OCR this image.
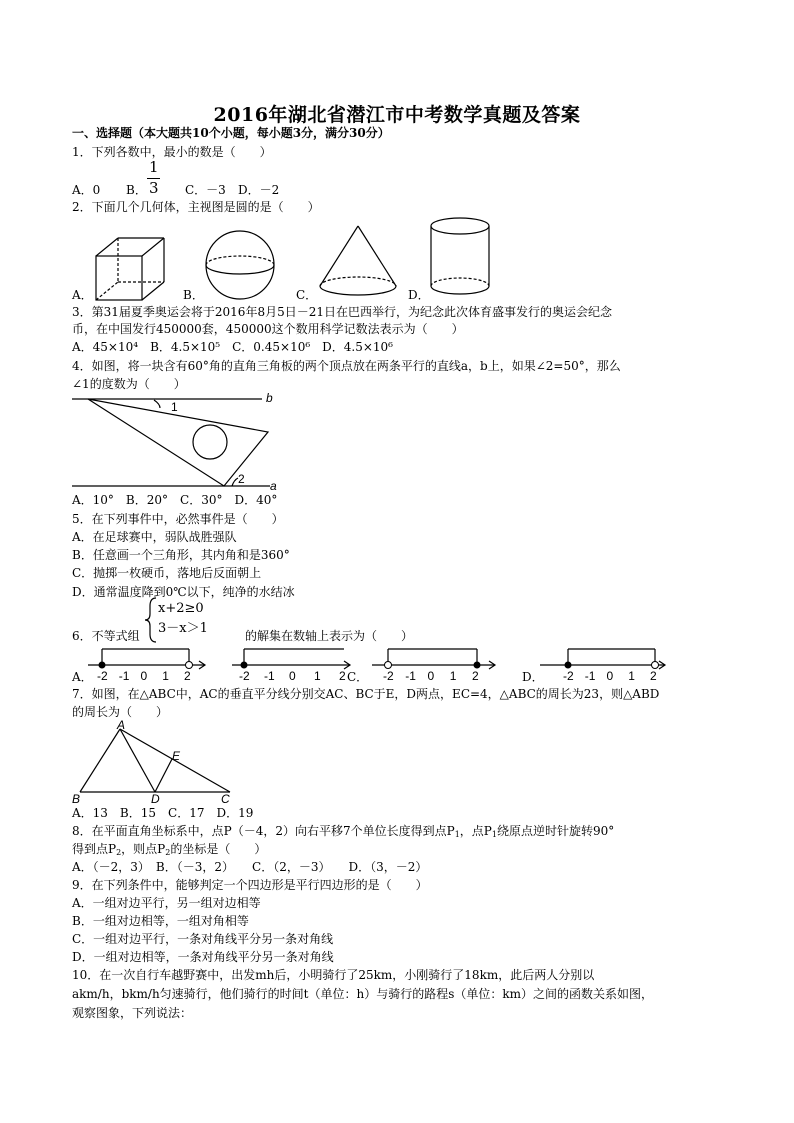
2016年湖北省潜江市中考数学真题及答案
一、选择题（本大题共10个小题，每小题3分，满分30分）
1．下列各数中，最小的数是（　　）
A．0 B．
1
3 C．－3 D．－2
2．下面几个几何体，主视图是圆的是（　　）
A．	B．	C．	D．
3．第31届夏季奥运会将于2016年8月5日－21日在巴西举行，为纪念此次体育盛事发行的奥运会纪念
币，在中国发行450000套，450000这个数用科学记数法表示为（　　）
A．45×10⁴　B．4.5×10⁵　C．0.45×10⁶　D．4.5×10⁶
4．如图，将一块含有60°角的直角三角板的两个顶点放在两条平行的直线a，b上，如果∠2=50°，那么
∠1的度数为（　　）
b
a
1
2
A．10°　B．20°　C．30°　D．40°
5．在下列事件中，必然事件是（　　）
A．在足球赛中，弱队战胜强队
B．任意画一个三角形，其内角和是360°
C．抛掷一枚硬币，落地后反面朝上
D．通常温度降到0℃以下，纯净的水结冰
6．不等式组
x+2≥0
3－x＞1	的解集在数轴上表示为（　　）
A．	C．	D．
-2 -1 0 1 2	-2 -1 0 1 2	-2 -1 0 1 2	-2 -1 0 1 2
7．如图，在△ABC中，AC的垂直平分线分别交AC、BC于E，D两点，EC=4，△ABC的周长为23，则△ABD
的周长为（　　）
A
B	C
D
E
A．13　B．15　C．17　D．19
8．在平面直角坐标系中，点P（－4，2）向右平移7个单位长度得到点$P_1$，点$P_1$绕原点逆时针旋转90°
得到点$P_2$，则点$P_2$的坐标是（　　）
A．（－2，3）　B．（－3，2）　　C．（2，－3）　　D．（3，－2）
9．在下列条件中，能够判定一个四边形是平行四边形的是（　　）
A．一组对边平行，另一组对边相等
B．一组对边相等，一组对角相等
C．一组对边平行，一条对角线平分另一条对角线
D．一组对边相等，一条对角线平分另一条对角线
10．在一次自行车越野赛中，出发mh后，小明骑行了25km，小刚骑行了18km，此后两人分别以
akm/h，bkm/h匀速骑行，他们骑行的时间t（单位：h）与骑行的路程s（单位：km）之间的函数关系如图，
观察图象，下列说法：
